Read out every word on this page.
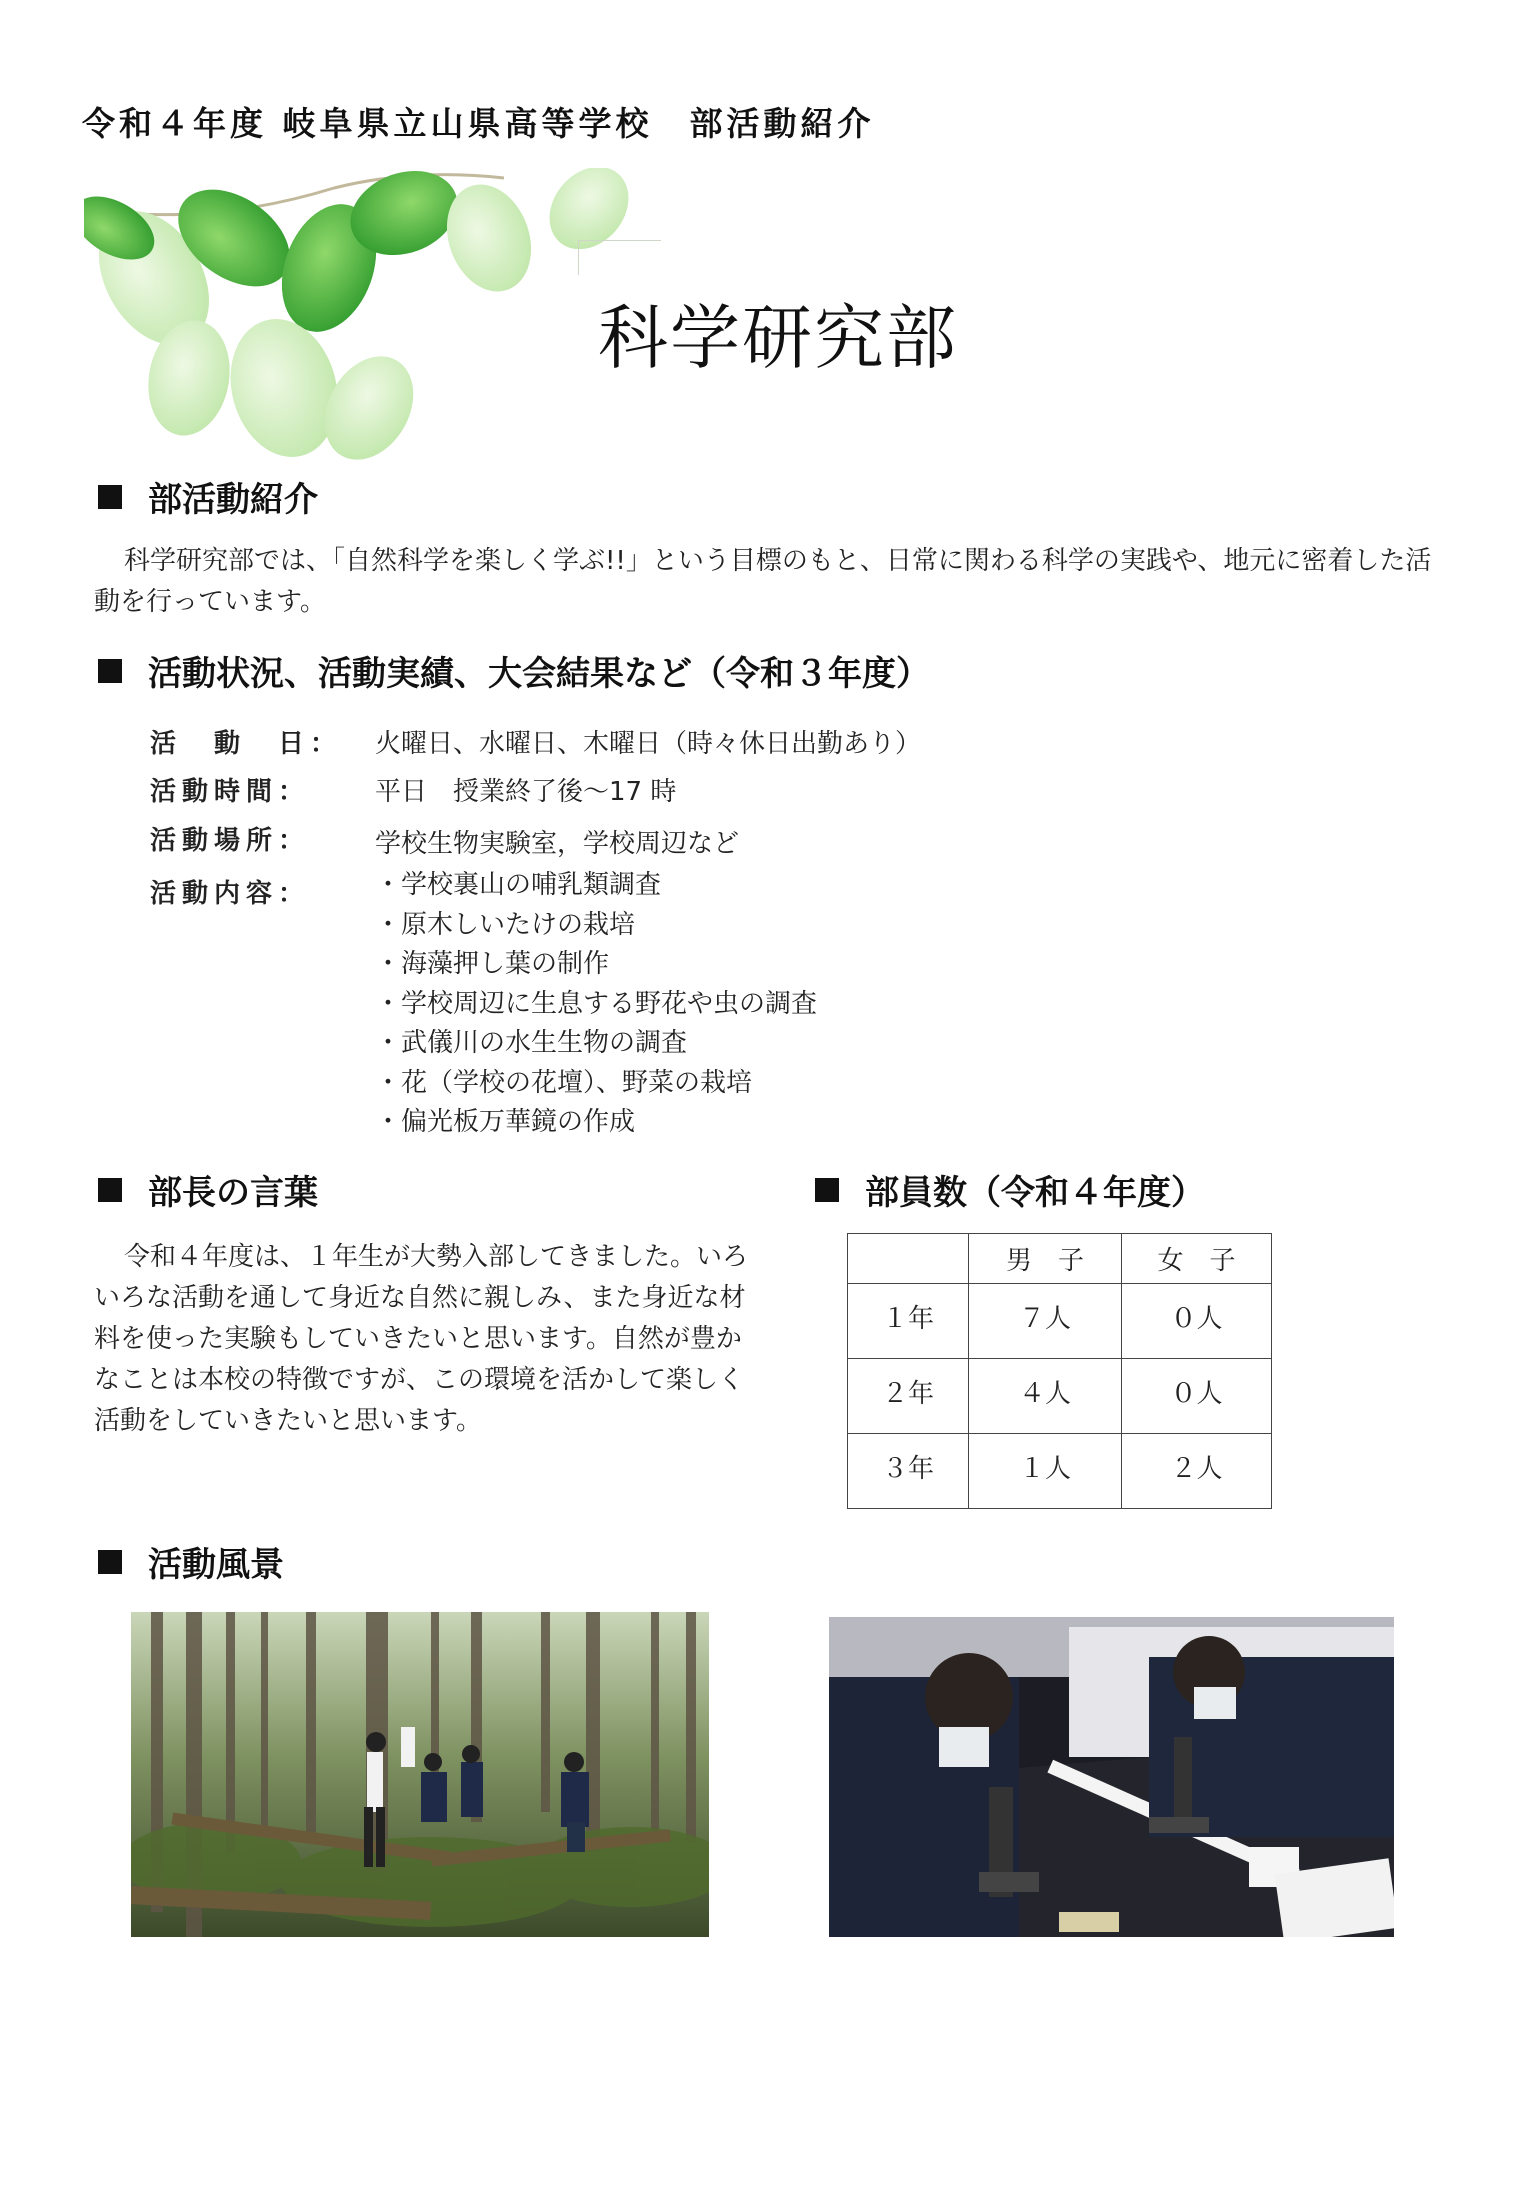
令和４年度 岐阜県立山県高等学校　部活動紹介
科学研究部
部活動紹介
科学研究部では、「自然科学を楽しく学ぶ!!」という目標のもと、日常に関わる科学の実践や、地元に密着した活動を行っています。
活動状況、活動実績、大会結果など（令和３年度）
活　動　日： 火曜日、水曜日、木曜日（時々休日出勤あり）
活動時間： 平日　授業終了後～17 時
活動場所： 学校生物実験室，学校周辺など
活動内容： ・学校裏山の哺乳類調査
・原木しいたけの栽培
・海藻押し葉の制作
・学校周辺に生息する野花や虫の調査
・武儀川の水生生物の調査
・花（学校の花壇）、野菜の栽培
・偏光板万華鏡の作成
部長の言葉
令和４年度は、１年生が大勢入部してきました。いろいろな活動を通して身近な自然に親しみ、また身近な材料を使った実験もしていきたいと思います。自然が豊かなことは本校の特徴ですが、この環境を活かして楽しく活動をしていきたいと思います。
部員数（令和４年度）
	男　子	女　子
１年	７人	０人
２年	４人	０人
３年	１人	２人
活動風景
